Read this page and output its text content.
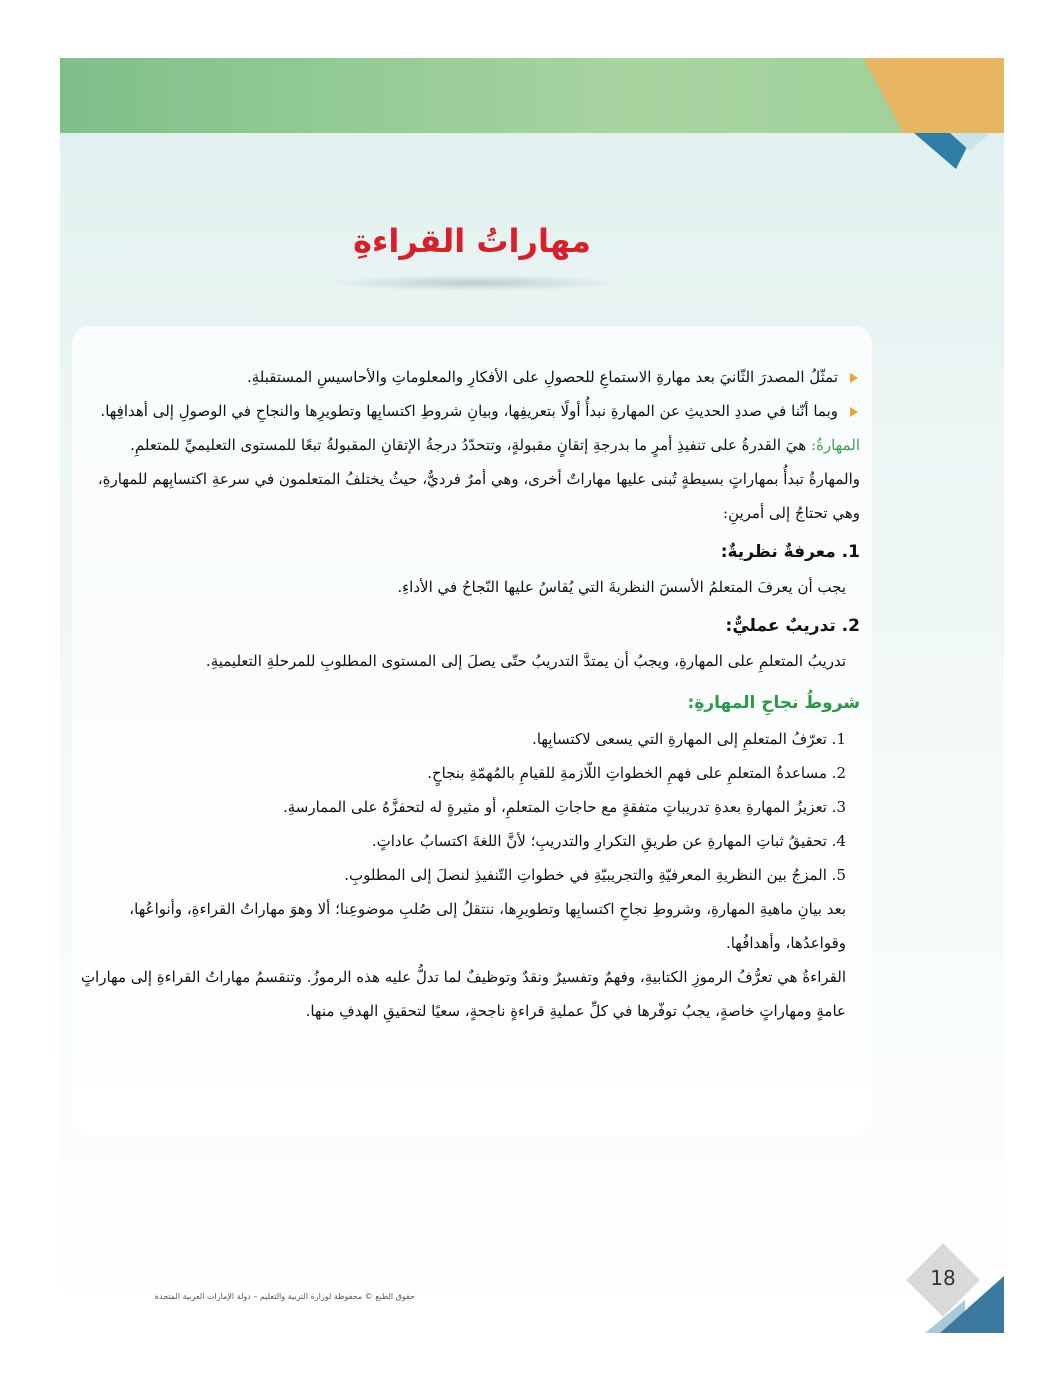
مهاراتُ القراءةِ

تمثّلُ المصدرَ الثّانيَ بعد مهارةِ الاستماعِ للحصولِ على الأفكارِ والمعلوماتِ والأحاسيسِ المستقبلةِ.

وبما أنّنا في صددِ الحديثِ عن المهارةِ نبدأُ أولًا بتعريفِها، وبيانِ شروطِ اكتسابِها وتطويرِها والنجاحِ في الوصولِ إلى أهدافِها.

المهارةُ: هيَ القدرةُ على تنفيذِ أمرٍ ما بدرجةِ إتقانٍ مقبولةٍ، وتتحدّدُ درجةُ الإتقانِ المقبولةُ تبعًا للمستوى التعليميِّ للمتعلمِ. والمهارةُ تبدأُ بمهاراتٍ بسيطةٍ تُبنى عليها مهاراتٌ أخرى، وهي أمرٌ فرديٌّ، حيثُ يختلفُ المتعلمون في سرعةِ اكتسابِهم للمهارةِ، وهي تحتاجُ إلى أمرينِ:

1. معرفةٌ نظريةٌ:

يجب أن يعرفَ المتعلمُ الأسسَ النظريةَ التي يُقاسُ عليها النّجاحُ في الأداءِ.

2. تدريبٌ عمليٌّ:

تدريبُ المتعلمِ على المهارةِ، ويجبُ أن يمتدَّ التدريبُ حتّى يصلَ إلى المستوى المطلوبِ للمرحلةِ التعليميةِ.

شروطُ نجاحِ المهارةِ:
1. تعرّفُ المتعلمِ إلى المهارةِ التي يسعى لاكتسابِها.
2. مساعدةُ المتعلمِ على فهمِ الخطواتِ اللّازمةِ للقيامِ بالمُهمّةِ بنجاحٍ.
3. تعزيزُ المهارةِ بعدةِ تدريباتٍ متفقةٍ مع حاجاتِ المتعلمِ، أو مثيرةٍ له لتحفزَّهُ على الممارسةِ.
4. تحقيقُ ثباتِ المهارةِ عن طريقِ التكرارِ والتدريبِ؛ لأنَّ اللغةَ اكتسابُ عاداتٍ.
5. المزجُ بين النظريةِ المعرفيّةِ والتجريبيّةِ في خطواتِ التّنفيذِ لنصلَ إلى المطلوبِ.

بعد بيانِ ماهيةِ المهارةِ، وشروطِ نجاحِ اكتسابِها وتطويرِها، ننتقلُ إلى صُلبِ موضوعِنا؛ ألا وهوَ مهاراتُ القراءةِ، وأنواعُها، وقواعدُها، وأهدافُها.

القراءةُ هي تعرُّفُ الرموزِ الكتابيةِ، وفهمٌ وتفسيرٌ ونقدٌ وتوظيفٌ لما تدلُّ عليه هذه الرموزُ. وتنقسمُ مهاراتُ القراءةِ إلى مهاراتٍ عامةٍ ومهاراتٍ خاصةٍ، يجبُ توفّرها في كلِّ عمليةِ قراءةٍ ناجحةٍ، سعيًا لتحقيقِ الهدفِ منها.

حقوق الطبع © محفوظة لوزارة التربية والتعليم – دولة الإمارات العربية المتحدة
18
